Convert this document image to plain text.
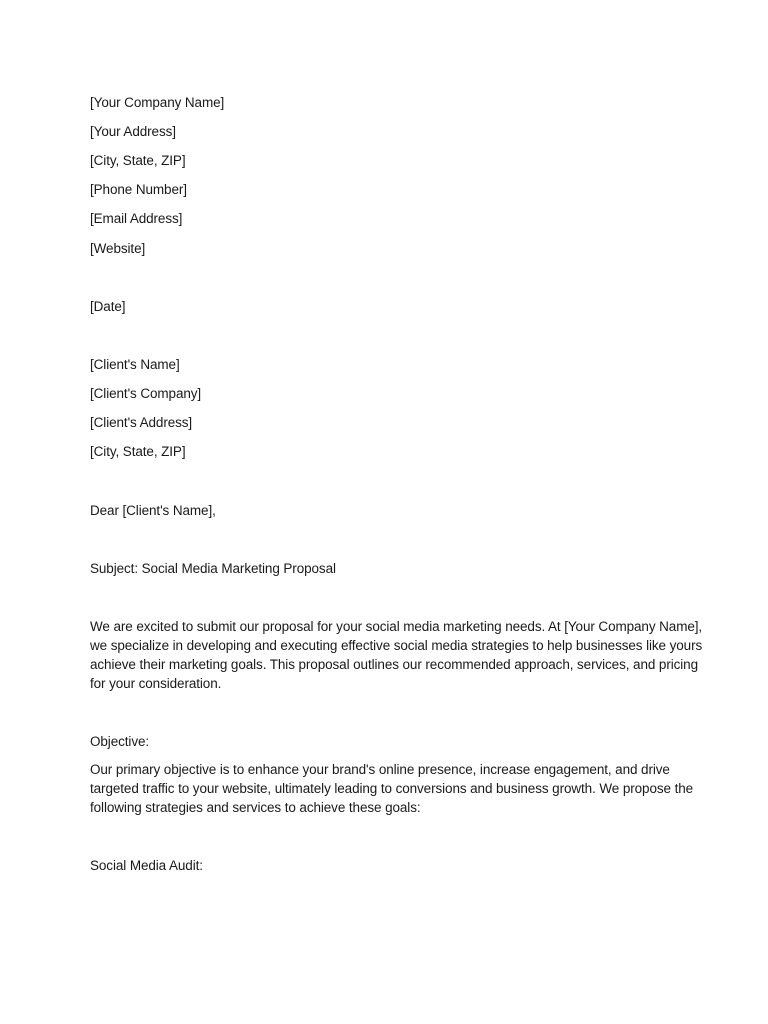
[Your Company Name]
[Your Address]
[City, State, ZIP]
[Phone Number]
[Email Address]
[Website]
[Date]
[Client's Name]
[Client's Company]
[Client's Address]
[City, State, ZIP]
Dear [Client's Name],
Subject: Social Media Marketing Proposal
We are excited to submit our proposal for your social media marketing needs. At [Your Company Name],
we specialize in developing and executing effective social media strategies to help businesses like yours
achieve their marketing goals. This proposal outlines our recommended approach, services, and pricing
for your consideration.
Objective:
Our primary objective is to enhance your brand's online presence, increase engagement, and drive
targeted traffic to your website, ultimately leading to conversions and business growth. We propose the
following strategies and services to achieve these goals:
Social Media Audit:
